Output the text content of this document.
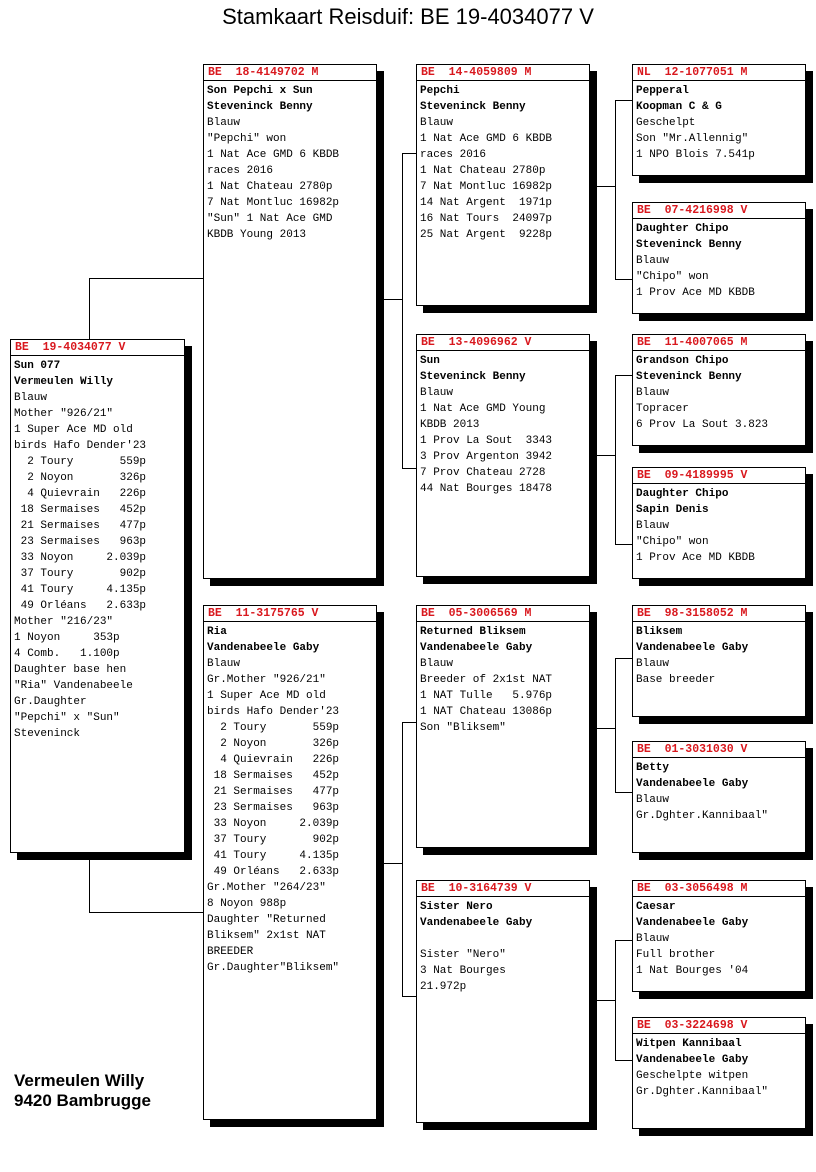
Stamkaart Reisduif: BE 19-4034077 V
BE  19-4034077 V
Sun 077
Vermeulen Willy
Blauw
Mother "926/21"
1 Super Ace MD old
birds Hafo Dender'23
2 Toury       559p
2 Noyon       326p
4 Quievrain   226p
18 Sermaises   452p
21 Sermaises   477p
23 Sermaises   963p
33 Noyon     2.039p
37 Toury       902p
41 Toury     4.135p
49 Orléans   2.633p
Mother "216/23"
1 Noyon     353p
4 Comb.   1.100p
Daughter base hen
"Ria" Vandenabeele
Gr.Daughter
"Pepchi" x "Sun"
Steveninck
BE  18-4149702 M
Son Pepchi x Sun
Steveninck Benny
Blauw
"Pepchi" won
1 Nat Ace GMD 6 KBDB
races 2016
1 Nat Chateau 2780p
7 Nat Montluc 16982p
"Sun" 1 Nat Ace GMD
KBDB Young 2013
BE  11-3175765 V
Ria
Vandenabeele Gaby
Blauw
Gr.Mother "926/21"
1 Super Ace MD old
birds Hafo Dender'23
2 Toury       559p
2 Noyon       326p
4 Quievrain   226p
18 Sermaises   452p
21 Sermaises   477p
23 Sermaises   963p
33 Noyon     2.039p
37 Toury       902p
41 Toury     4.135p
49 Orléans   2.633p
Gr.Mother "264/23"
8 Noyon 988p
Daughter "Returned
Bliksem" 2x1st NAT
BREEDER
Gr.Daughter"Bliksem"
BE  14-4059809 M
Pepchi
Steveninck Benny
Blauw
1 Nat Ace GMD 6 KBDB
races 2016
1 Nat Chateau 2780p
7 Nat Montluc 16982p
14 Nat Argent  1971p
16 Nat Tours  24097p
25 Nat Argent  9228p
BE  13-4096962 V
Sun
Steveninck Benny
Blauw
1 Nat Ace GMD Young
KBDB 2013
1 Prov La Sout  3343
3 Prov Argenton 3942
7 Prov Chateau 2728
44 Nat Bourges 18478
BE  05-3006569 M
Returned Bliksem
Vandenabeele Gaby
Blauw
Breeder of 2x1st NAT
1 NAT Tulle   5.976p
1 NAT Chateau 13086p
Son "Bliksem"
BE  10-3164739 V
Sister Nero
Vandenabeele Gaby

Sister "Nero"
3 Nat Bourges
21.972p
NL  12-1077051 M
Pepperal
Koopman C & G
Geschelpt
Son "Mr.Allennig"
1 NPO Blois 7.541p
BE  07-4216998 V
Daughter Chipo
Steveninck Benny
Blauw
"Chipo" won
1 Prov Ace MD KBDB
BE  11-4007065 M
Grandson Chipo
Steveninck Benny
Blauw
Topracer
6 Prov La Sout 3.823
BE  09-4189995 V
Daughter Chipo
Sapin Denis
Blauw
"Chipo" won
1 Prov Ace MD KBDB
BE  98-3158052 M
Bliksem
Vandenabeele Gaby
Blauw
Base breeder
BE  01-3031030 V
Betty
Vandenabeele Gaby
Blauw
Gr.Dghter.Kannibaal"
BE  03-3056498 M
Caesar
Vandenabeele Gaby
Blauw
Full brother
1 Nat Bourges '04
BE  03-3224698 V
Witpen Kannibaal
Vandenabeele Gaby
Geschelpte witpen
Gr.Dghter.Kannibaal"
Vermeulen Willy
9420 Bambrugge
